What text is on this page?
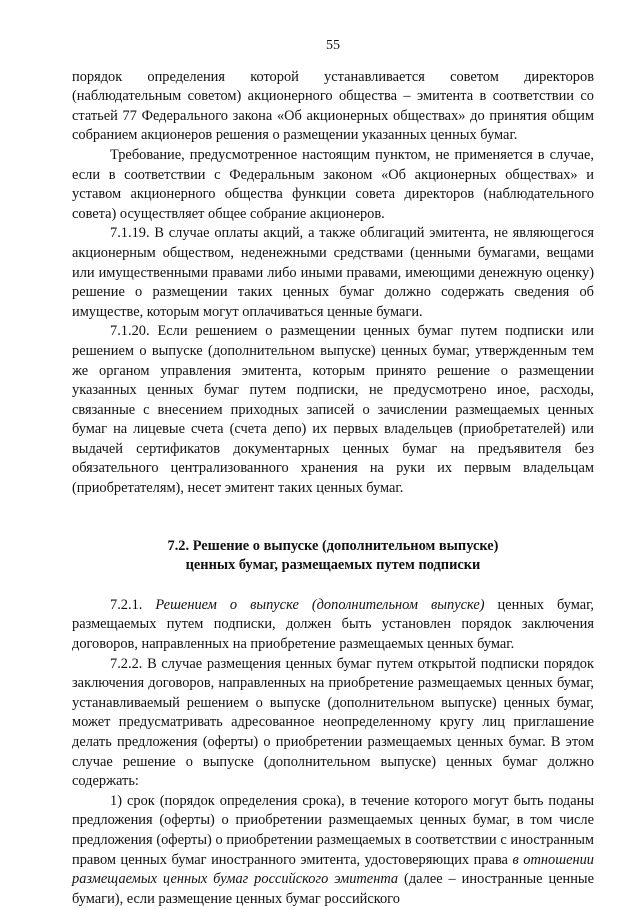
55

порядок определения которой устанавливается советом директоров (наблюдательным советом) акционерного общества – эмитента в соответствии со статьей 77 Федерального закона «Об акционерных обществах» до принятия общим собранием акционеров решения о размещении указанных ценных бумаг.

Требование, предусмотренное настоящим пунктом, не применяется в случае, если в соответствии с Федеральным законом «Об акционерных обществах» и уставом акционерного общества функции совета директоров (наблюдательного совета) осуществляет общее собрание акционеров.

7.1.19. В случае оплаты акций, а также облигаций эмитента, не являющегося акционерным обществом, неденежными средствами (ценными бумагами, вещами или имущественными правами либо иными правами, имеющими денежную оценку) решение о размещении таких ценных бумаг должно содержать сведения об имуществе, которым могут оплачиваться ценные бумаги.

7.1.20. Если решением о размещении ценных бумаг путем подписки или решением о выпуске (дополнительном выпуске) ценных бумаг, утвержденным тем же органом управления эмитента, которым принято решение о размещении указанных ценных бумаг путем подписки, не предусмотрено иное, расходы, связанные с внесением приходных записей о зачислении размещаемых ценных бумаг на лицевые счета (счета депо) их первых владельцев (приобретателей) или выдачей сертификатов документарных ценных бумаг на предъявителя без обязательного централизованного хранения на руки их первым владельцам (приобретателям), несет эмитент таких ценных бумаг.

7.2. Решение о выпуске (дополнительном выпуске)
ценных бумаг, размещаемых путем подписки

7.2.1. Решением о выпуске (дополнительном выпуске) ценных бумаг, размещаемых путем подписки, должен быть установлен порядок заключения договоров, направленных на приобретение размещаемых ценных бумаг.

7.2.2. В случае размещения ценных бумаг путем открытой подписки порядок заключения договоров, направленных на приобретение размещаемых ценных бумаг, устанавливаемый решением о выпуске (дополнительном выпуске) ценных бумаг, может предусматривать адресованное неопределенному кругу лиц приглашение делать предложения (оферты) о приобретении размещаемых ценных бумаг. В этом случае решение о выпуске (дополнительном выпуске) ценных бумаг должно содержать:

1) срок (порядок определения срока), в течение которого могут быть поданы предложения (оферты) о приобретении размещаемых ценных бумаг, в том числе предложения (оферты) о приобретении размещаемых в соответствии с иностранным правом ценных бумаг иностранного эмитента, удостоверяющих права в отношении размещаемых ценных бумаг российского эмитента (далее – иностранные ценные бумаги), если размещение ценных бумаг российского
